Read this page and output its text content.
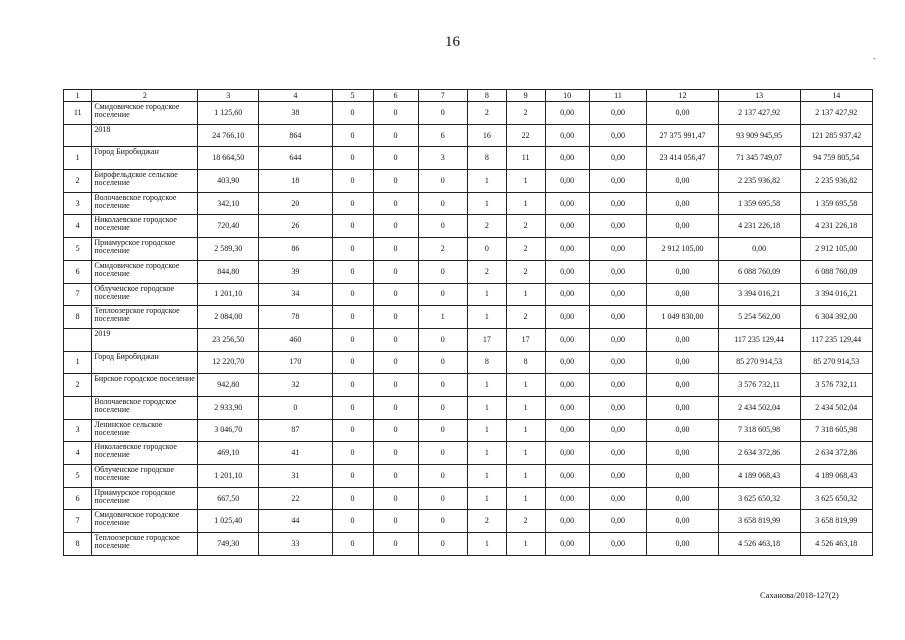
16
-
1	2	3	4	5	6	7	8	9	10	11	12	13	14
11	Смидовичское городское поселение	1 125,60	38	0	0	0	2	2	0,00	0,00	0,00	2 137 427,92	2 137 427,92
	2018	24 766,10	864	0	0	6	16	22	0,00	0,00	27 375 991,47	93 909 945,95	121 285 937,42
1	Город Биробиджан	18 664,50	644	0	0	3	8	11	0,00	0,00	23 414 056,47	71 345 749,07	94 759 805,54
2	Бирофельдское сельское поселение	403,90	18	0	0	0	1	1	0,00	0,00	0,00	2 235 936,82	2 235 936,82
3	Волочаевское городское поселение	342,10	20	0	0	0	1	1	0,00	0,00	0,00	1 359 695,58	1 359 695,58
4	Николаевское городское поселение	720,40	26	0	0	0	2	2	0,00	0,00	0,00	4 231 226,18	4 231 226,18
5	Приамурское городское поселение	2 589,30	86	0	0	2	0	2	0,00	0,00	2 912 105,00	0,00	2 912 105,00
6	Смидовичское городское поселение	844,80	39	0	0	0	2	2	0,00	0,00	0,00	6 088 760,09	6 088 760,09
7	Облученское городское поселение	1 201,10	34	0	0	0	1	1	0,00	0,00	0,00	3 394 016,21	3 394 016,21
8	Теплоозерское городское поселение	2 084,00	78	0	0	1	1	2	0,00	0,00	1 049 830,00	5 254 562,00	6 304 392,00
	2019	23 256,50	460	0	0	0	17	17	0,00	0,00	0,00	117 235 129,44	117 235 129,44
1	Город Биробиджан	12 220,70	170	0	0	0	8	8	0,00	0,00	0,00	85 270 914,53	85 270 914,53
2	Бирское городское поселение	942,80	32	0	0	0	1	1	0,00	0,00	0,00	3 576 732,11	3 576 732,11
	Волочаевское городское поселение	2 933,90	0	0	0	0	1	1	0,00	0,00	0,00	2 434 502,04	2 434 502,04
3	Ленинское сельское поселение	3 046,70	87	0	0	0	1	1	0,00	0,00	0,00	7 318 605,98	7 318 605,98
4	Николаевское городское поселение	469,10	41	0	0	0	1	1	0,00	0,00	0,00	2 634 372,86	2 634 372,86
5	Облученское городское поселение	1 201,10	31	0	0	0	1	1	0,00	0,00	0,00	4 189 068,43	4 189 068,43
6	Приамурское городское поселение	667,50	22	0	0	0	1	1	0,00	0,00	0,00	3 625 650,32	3 625 650,32
7	Смидовичское городское поселение	1 025,40	44	0	0	0	2	2	0,00	0,00	0,00	3 658 819,99	3 658 819,99
8	Теплоозерское городское поселение	749,30	33	0	0	0	1	1	0,00	0,00	0,00	4 526 463,18	4 526 463,18
Саханова/2018-127(2)
